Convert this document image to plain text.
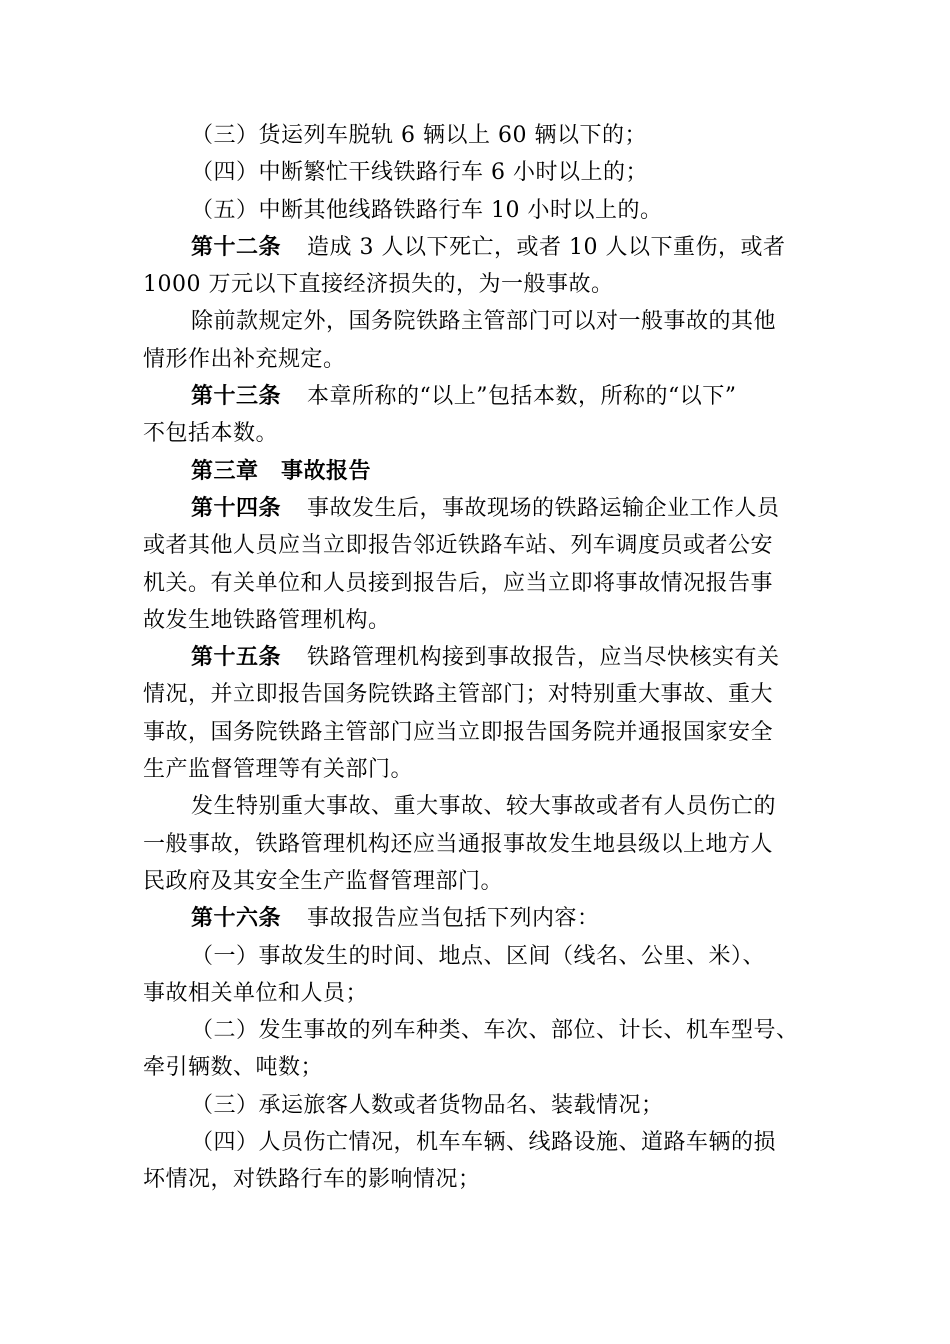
（三）货运列车脱轨 6 辆以上 60 辆以下的；
（四）中断繁忙干线铁路行车 6 小时以上的；
（五）中断其他线路铁路行车 10 小时以上的。
第十二条 造成 3 人以下死亡，或者 10 人以下重伤，或者
1000 万元以下直接经济损失的，为一般事故。
除前款规定外，国务院铁路主管部门可以对一般事故的其他
情形作出补充规定。
第十三条 本章所称的“以上”包括本数，所称的“以下”
不包括本数。
第三章　事故报告
第十四条 事故发生后，事故现场的铁路运输企业工作人员
或者其他人员应当立即报告邻近铁路车站、列车调度员或者公安
机关。有关单位和人员接到报告后，应当立即将事故情况报告事
故发生地铁路管理机构。
第十五条 铁路管理机构接到事故报告，应当尽快核实有关
情况，并立即报告国务院铁路主管部门；对特别重大事故、重大
事故，国务院铁路主管部门应当立即报告国务院并通报国家安全
生产监督管理等有关部门。
发生特别重大事故、重大事故、较大事故或者有人员伤亡的
一般事故，铁路管理机构还应当通报事故发生地县级以上地方人
民政府及其安全生产监督管理部门。
第十六条 事故报告应当包括下列内容：
（一）事故发生的时间、地点、区间（线名、公里、米）、
事故相关单位和人员；
（二）发生事故的列车种类、车次、部位、计长、机车型号、
牵引辆数、吨数；
（三）承运旅客人数或者货物品名、装载情况；
（四）人员伤亡情况，机车车辆、线路设施、道路车辆的损
坏情况，对铁路行车的影响情况；
